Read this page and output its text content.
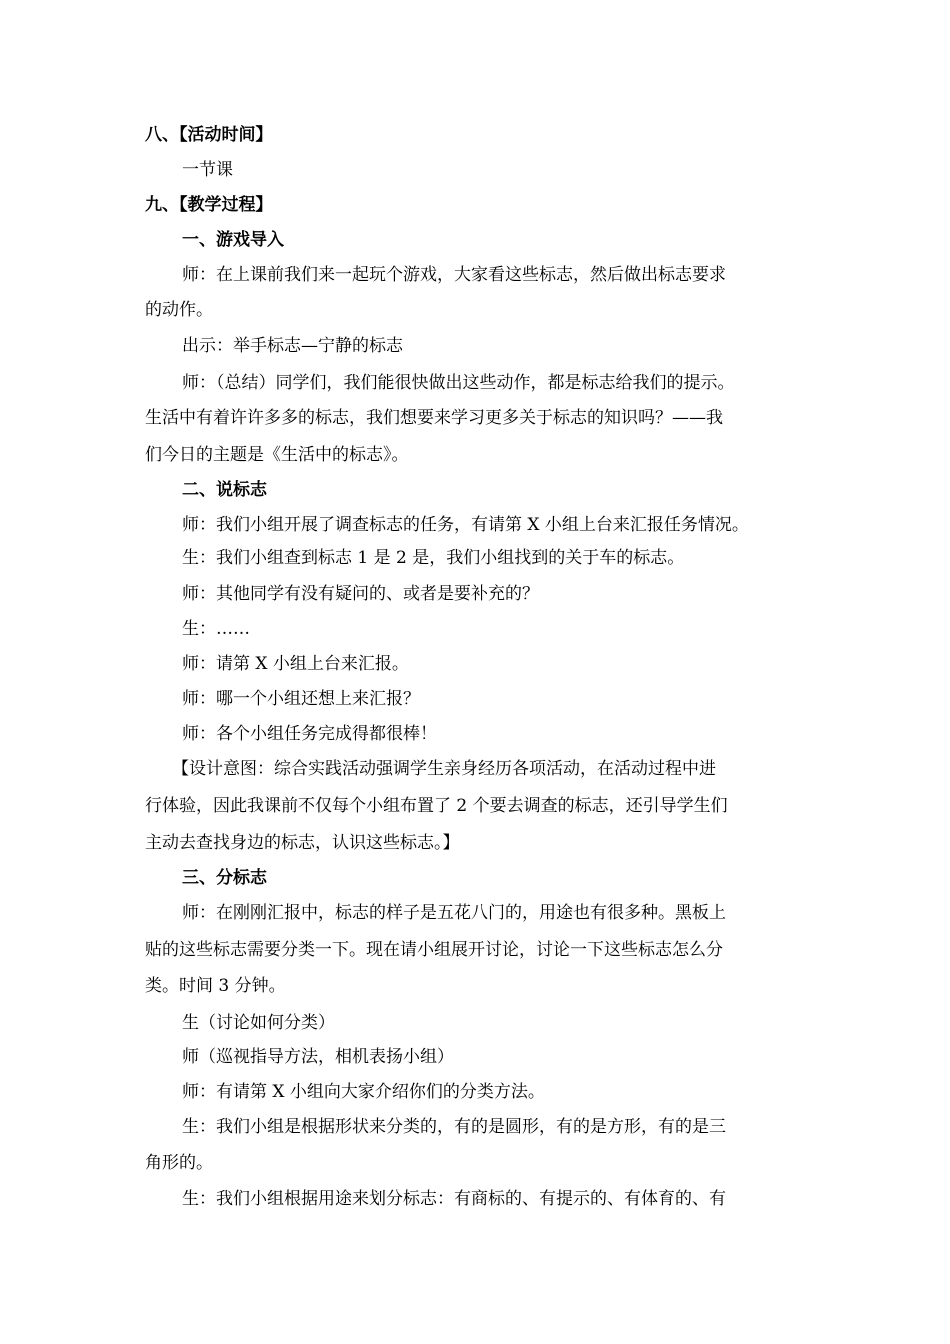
八、【活动时间】

一节课

九、【教学过程】

一、游戏导入

师：在上课前我们来一起玩个游戏，大家看这些标志，然后做出标志要求

的动作。

出示：举手标志—宁静的标志

师：（总结）同学们，我们能很快做出这些动作，都是标志给我们的提示。

生活中有着许许多多的标志，我们想要来学习更多关于标志的知识吗？——我

们今日的主题是《生活中的标志》。

二、说标志

师：我们小组开展了调查标志的任务，有请第 X 小组上台来汇报任务情况。

生：我们小组查到标志 1 是 2 是，我们小组找到的关于车的标志。

师：其他同学有没有疑问的、或者是要补充的？

生：……

师：请第 X 小组上台来汇报。

师：哪一个小组还想上来汇报？

师：各个小组任务完成得都很棒！

【设计意图：综合实践活动强调学生亲身经历各项活动，在活动过程中进

行体验，因此我课前不仅每个小组布置了 2 个要去调查的标志，还引导学生们

主动去查找身边的标志，认识这些标志。】

三、分标志

师：在刚刚汇报中，标志的样子是五花八门的，用途也有很多种。黑板上

贴的这些标志需要分类一下。现在请小组展开讨论，讨论一下这些标志怎么分

类。时间 3 分钟。

生（讨论如何分类）

师（巡视指导方法，相机表扬小组）

师：有请第 X 小组向大家介绍你们的分类方法。

生：我们小组是根据形状来分类的，有的是圆形，有的是方形，有的是三

角形的。

生：我们小组根据用途来划分标志：有商标的、有提示的、有体育的、有
